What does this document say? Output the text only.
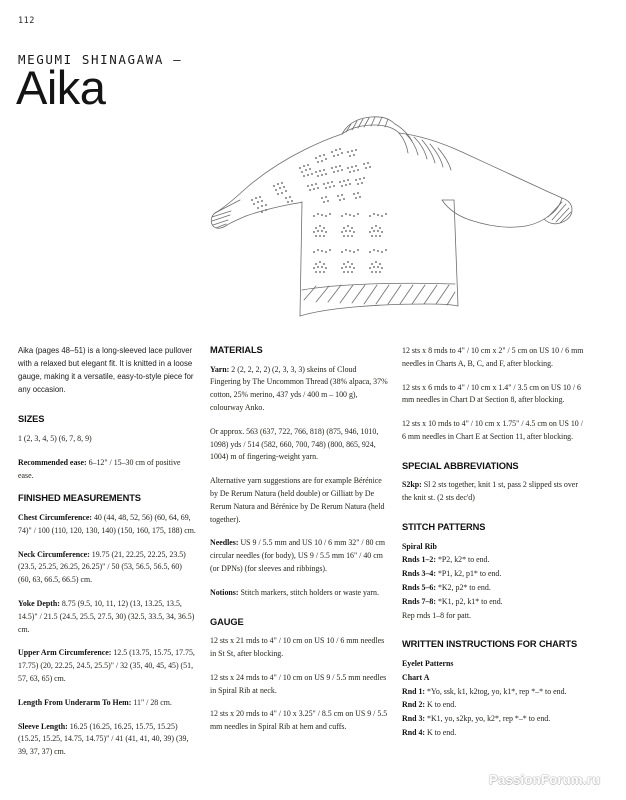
112
MEGUMI SHINAGAWA —
Aika

Aika (pages 48–51) is a long-sleeved lace pullover with a relaxed but elegant fit. It is knitted in a loose gauge, making it a versatile, easy-to-style piece for any occasion.

SIZES

1 (2, 3, 4, 5) (6, 7, 8, 9)

Recommended ease: 6–12" / 15–30 cm of positive ease.

FINISHED MEASUREMENTS

Chest Circumference: 40 (44, 48, 52, 56) (60, 64, 69, 74)" / 100 (110, 120, 130, 140) (150, 160, 175, 188) cm.

Neck Circumference: 19.75 (21, 22.25, 22.25, 23.5) (23.5, 25.25, 26.25, 26.25)" / 50 (53, 56.5, 56.5, 60) (60, 63, 66.5, 66.5) cm.

Yoke Depth: 8.75 (9.5, 10, 11, 12) (13, 13.25, 13.5, 14.5)" / 21.5 (24.5, 25.5, 27.5, 30) (32.5, 33.5, 34, 36.5) cm.

Upper Arm Circumference: 12.5 (13.75, 15.75, 17.75, 17.75) (20, 22.25, 24.5, 25.5)" / 32 (35, 40, 45, 45) (51, 57, 63, 65) cm.

Length From Underarm To Hem: 11" / 28 cm.

Sleeve Length: 16.25 (16.25, 16.25, 15.75, 15.25) (15.25, 15.25, 14.75, 14.75)" / 41 (41, 41, 40, 39) (39, 39, 37, 37) cm.

MATERIALS

Yarn: 2 (2, 2, 2, 2) (2, 3, 3, 3) skeins of Cloud Fingering by The Uncommon Thread (38% alpaca, 37% cotton, 25% merino, 437 yds / 400 m – 100 g), colourway Anko.

Or approx. 563 (637, 722, 766, 818) (875, 946, 1010, 1098) yds / 514 (582, 660, 700, 748) (800, 865, 924, 1004) m of fingering-weight yarn.

Alternative yarn suggestions are for example Bérénice by De Rerum Natura (held double) or Gilliatt by De Rerum Natura and Bérénice by De Rerum Natura (held together).

Needles: US 9 / 5.5 mm and US 10 / 6 mm 32" / 80 cm circular needles (for body), US 9 / 5.5 mm 16" / 40 cm (or DPNs) (for sleeves and ribbings).

Notions: Stitch markers, stitch holders or waste yarn.

GAUGE

12 sts x 21 rnds to 4" / 10 cm on US 10 / 6 mm needles in St St, after blocking.

12 sts x 24 rnds to 4" / 10 cm on US 9 / 5.5 mm needles in Spiral Rib at neck.

12 sts x 20 rnds to 4" / 10 x 3.25" / 8.5 cm on US 9 / 5.5 mm needles in Spiral Rib at hem and cuffs.

12 sts x 8 rnds to 4" / 10 cm x 2" / 5 cm on US 10 / 6 mm needles in Charts A, B, C, and F, after blocking.

12 sts x 6 rnds to 4" / 10 cm x 1.4" / 3.5 cm on US 10 / 6 mm needles in Chart D at Section 8, after blocking.

12 sts x 10 rnds to 4" / 10 cm x 1.75" / 4.5 cm on US 10 / 6 mm needles in Chart E at Section 11, after blocking.

SPECIAL ABBREVIATIONS

S2kp: Sl 2 sts together, knit 1 st, pass 2 slipped sts over the knit st. (2 sts dec'd)

STITCH PATTERNS

Spiral Rib

Rnds 1–2: *P2, k2* to end.

Rnds 3–4: *P1, k2, p1* to end.

Rnds 5–6: *K2, p2* to end.

Rnds 7–8: *K1, p2, k1* to end.

Rep rnds 1–8 for patt.

WRITTEN INSTRUCTIONS FOR CHARTS

Eyelet Patterns

Chart A

Rnd 1: *Yo, ssk, k1, k2tog, yo, k1*, rep *–* to end.

Rnd 2: K to end.

Rnd 3: *K1, yo, s2kp, yo, k2*, rep *–* to end.

Rnd 4: K to end.

PassionForum.ru
